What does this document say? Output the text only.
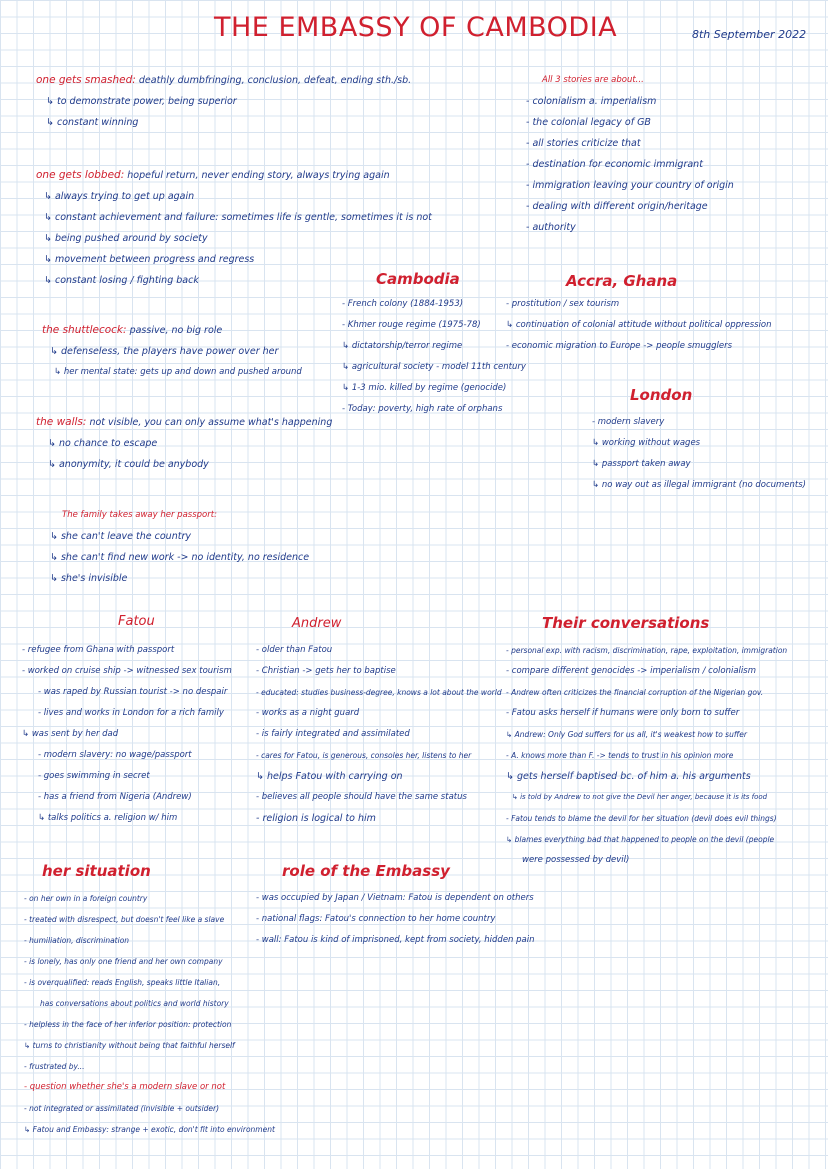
THE EMBASSY OF CAMBODIA	8th September 2022
one gets smashed: deathly dumbfringing, conclusion, defeat, ending sth./sb.
↳ to demonstrate power, being superior
↳ constant winning
one gets lobbed: hopeful return, never ending story, always trying again
↳ always trying to get up again
↳ constant achievement and failure: sometimes life is gentle, sometimes it is not
↳ being pushed around by society
↳ movement between progress and regress
↳ constant losing / fighting back
the shuttlecock: passive, no big role
↳ defenseless, the players have power over her
↳ her mental state: gets up and down and pushed around
the walls: not visible, you can only assume what's happening
↳ no chance to escape
↳ anonymity, it could be anybody
The family takes away her passport:
↳ she can't leave the country
↳ she can't find new work -> no identity, no residence
↳ she's invisible
All 3 stories are about...
- colonialism a. imperialism
- the colonial legacy of GB
- all stories criticize that
- destination for economic immigrant
- immigration leaving your country of origin
- dealing with different origin/heritage
- authority
Cambodia
- French colony (1884-1953)
- Khmer rouge regime (1975-78)
↳ dictatorship/terror regime
↳ agricultural society - model 11th century
↳ 1-3 mio. killed by regime (genocide)
- Today: poverty, high rate of orphans
Accra, Ghana
- prostitution / sex tourism
↳ continuation of colonial attitude without political oppression
- economic migration to Europe -> people smugglers
London
- modern slavery
↳ working without wages
↳ passport taken away
↳ no way out as illegal immigrant (no documents)
Fatou
- refugee from Ghana with passport
- worked on cruise ship -> witnessed sex tourism
- was raped by Russian tourist -> no despair
- lives and works in London for a rich family
↳ was sent by her dad
- modern slavery: no wage/passport
- goes swimming in secret
- has a friend from Nigeria (Andrew)
↳ talks politics a. religion w/ him
Andrew
- older than Fatou
- Christian -> gets her to baptise
- educated: studies business-degree, knows a lot about the world
- works as a night guard
- is fairly integrated and assimilated
- cares for Fatou, is generous, consoles her, listens to her
↳ helps Fatou with carrying on
- believes all people should have the same status
- religion is logical to him
Their conversations
- personal exp. with racism, discrimination, rape, exploitation, immigration
- compare different genocides -> imperialism / colonialism
- Andrew often criticizes the financial corruption of the Nigerian gov.
- Fatou asks herself if humans were only born to suffer
↳ Andrew: Only God suffers for us all, it's weakest how to suffer
- A. knows more than F. -> tends to trust in his opinion more
↳ gets herself baptised bc. of him a. his arguments
↳ is told by Andrew to not give the Devil her anger, because it is its food
- Fatou tends to blame the devil for her situation (devil does evil things)
↳ blames everything bad that happened to people on the devil (people
were possessed by devil)
her situation
- on her own in a foreign country
- treated with disrespect, but doesn't feel like a slave
- humiliation, discrimination
- is lonely, has only one friend and her own company
- is overqualified: reads English, speaks little Italian,
has conversations about politics and world history
- helpless in the face of her inferior position: protection
↳ turns to christianity without being that faithful herself
- frustrated by...
- question whether she's a modern slave or not
- not integrated or assimilated (invisible + outsider)
↳ Fatou and Embassy: strange + exotic, don't fit into environment
role of the Embassy
- was occupied by Japan / Vietnam: Fatou is dependent on others
- national flags: Fatou's connection to her home country
- wall: Fatou is kind of imprisoned, kept from society, hidden pain
